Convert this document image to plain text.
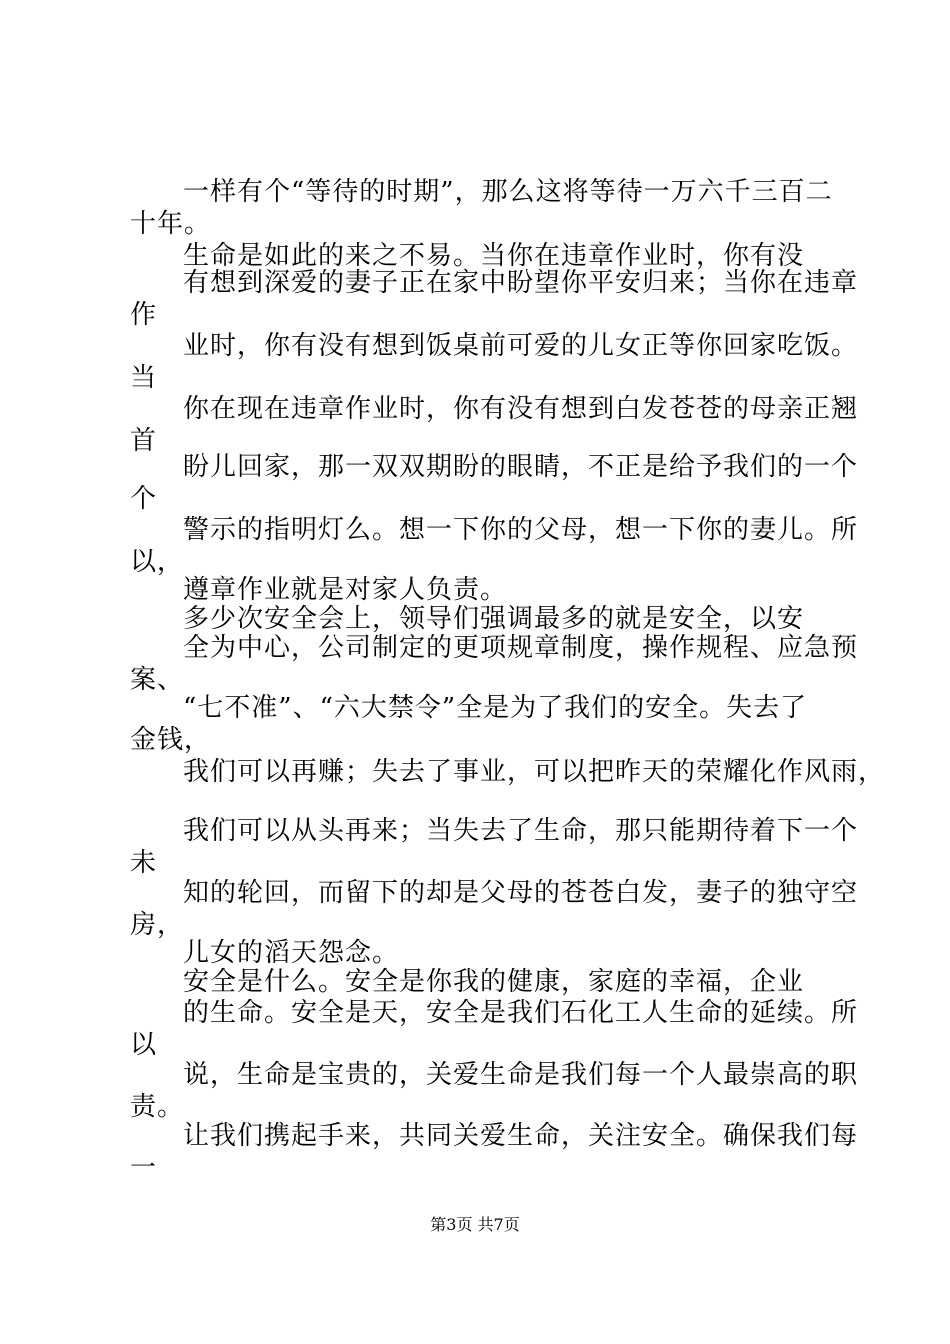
一样有个“等待的时期”，那么这将等待一万六千三百二
十年。
生命是如此的来之不易。当你在违章作业时，你有没
有想到深爱的妻子正在家中盼望你平安归来；当你在违章
作
业时，你有没有想到饭桌前可爱的儿女正等你回家吃饭。
当
你在现在违章作业时，你有没有想到白发苍苍的母亲正翘
首
盼儿回家，那一双双期盼的眼睛，不正是给予我们的一个
个
警示的指明灯么。想一下你的父母，想一下你的妻儿。所
以，
遵章作业就是对家人负责。
多少次安全会上，领导们强调最多的就是安全，以安
全为中心，公司制定的更项规章制度，操作规程、应急预
案、
“七不准”、“六大禁令”全是为了我们的安全。失去了
金钱，
我们可以再赚；失去了事业，可以把昨天的荣耀化作风雨，
我们可以从头再来；当失去了生命，那只能期待着下一个
未
知的轮回，而留下的却是父母的苍苍白发，妻子的独守空
房，
儿女的滔天怨念。
安全是什么。安全是你我的健康，家庭的幸福，企业
的生命。安全是天，安全是我们石化工人生命的延续。所
以
说，生命是宝贵的，关爱生命是我们每一个人最崇高的职
责。
让我们携起手来，共同关爱生命，关注安全。确保我们每
一
第3页 共7页
